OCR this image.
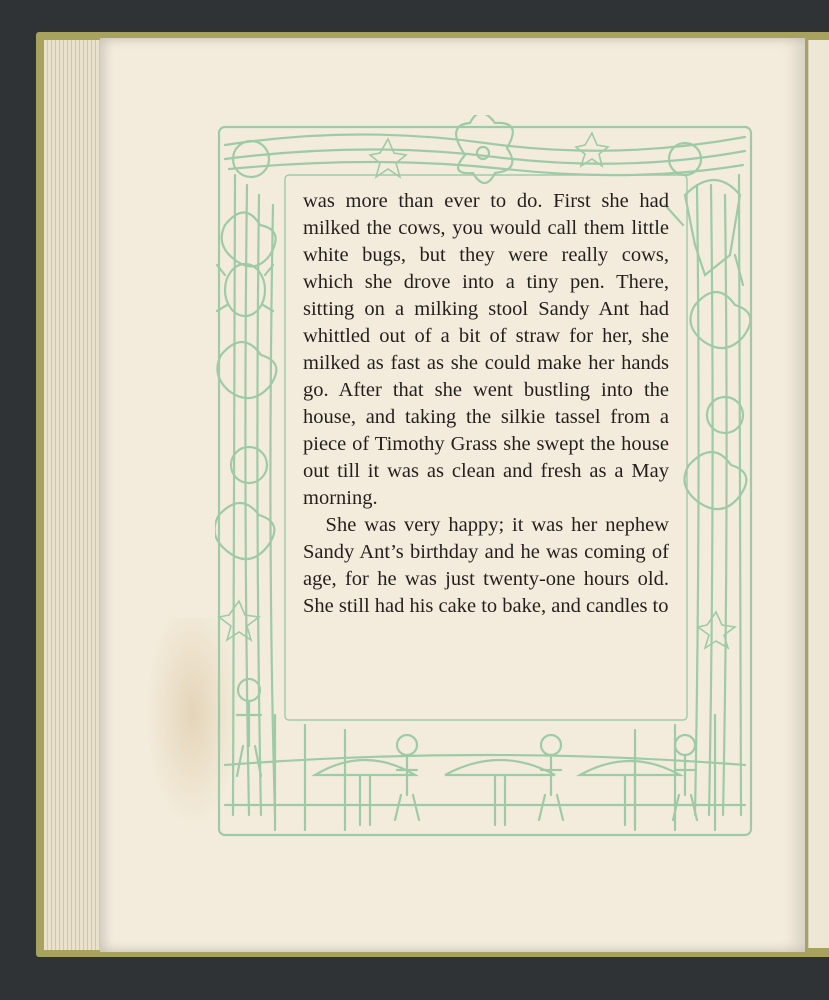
was more than ever to do. First she had milked the cows, you would call them little white bugs, but they were really cows, which she drove into a tiny pen. There, sitting on a milking stool Sandy Ant had whittled out of a bit of straw for her, she milked as fast as she could make her hands go. After that she went bustling into the house, and taking the silkie tassel from a piece of Timothy Grass she swept the house out till it was as clean and fresh as a May morning.

She was very happy; it was her nephew Sandy Ant’s birthday and he was coming of age, for he was just twenty-one hours old. She still had his cake to bake, and candles to
